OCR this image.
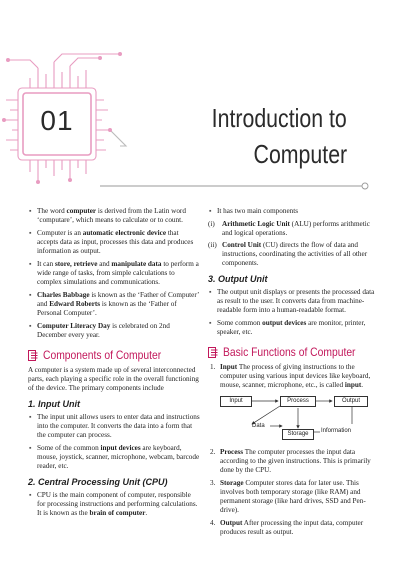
01	Introduction to
Computer
▪ The word computer is derived from the Latin word ‘computare’, which means to calculate or to count.
▪ Computer is an automatic electronic device that accepts data as input, processes this data and produces information as output.
▪ It can store, retrieve and manipulate data to perform a wide range of tasks, from simple calculations to complex simulations and communications.
▪ Charles Babbage is known as the ‘Father of Computer’ and Edward Roberts is known as the ‘Father of Personal Computer’.
▪ Computer Literacy Day is celebrated on 2nd December every year.
Components of Computer

A computer is a system made up of several interconnected parts, each playing a specific role in the overall functioning of the device. The primary components include

1. Input Unit
▪ The input unit allows users to enter data and instructions into the computer. It converts the data into a form that the computer can process.
▪ Some of the common input devices are keyboard, mouse, joystick, scanner, microphone, webcam, barcode reader, etc.
2. Central Processing Unit (CPU)
▪ CPU is the main component of computer, responsible for processing instructions and performing calculations. It is known as the brain of computer.
▪ It has two main components
(i) Arithmetic Logic Unit (ALU) performs arithmetic and logical operations.
(ii) Control Unit (CU) directs the flow of data and instructions, coordinating the activities of all other components.
3. Output Unit
▪ The output unit displays or presents the processed data as result to the user. It converts data from machine-readable form into a human-readable format.
▪ Some common output devices are monitor, printer, speaker, etc.
Basic Functions of Computer
1. Input The process of giving instructions to the computer using various input devices like keyboard, mouse, scanner, microphone, etc., is called input.
Input	Process	Output
Data
Storage	Information
2. Process The computer processes the input data according to the given instructions. This is primarily done by the CPU.
3. Storage Computer stores data for later use. This involves both temporary storage (like RAM) and permanent storage (like hard drives, SSD and Pen-drive).
4. Output After processing the input data, computer produces result as output.
